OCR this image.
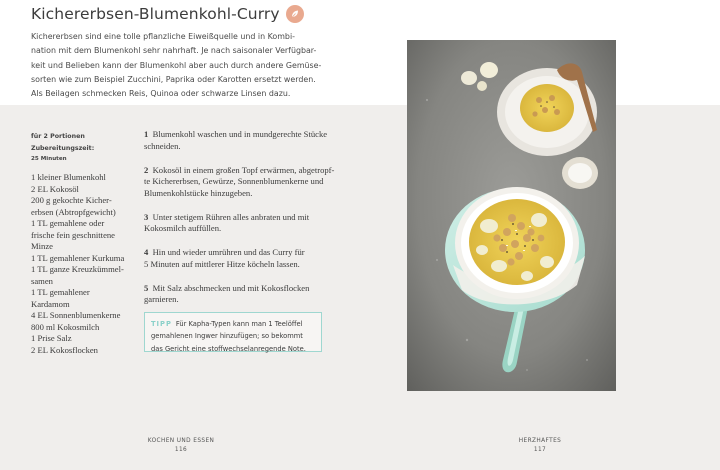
Kichererbsen-Blumenkohl-Curry
Kichererbsen sind eine tolle pflanzliche Eiweißquelle und in Kombi-
nation mit dem Blumenkohl sehr nahrhaft. Je nach saisonaler Verfügbar-
keit und Belieben kann der Blumenkohl aber auch durch andere Gemüse-
sorten wie zum Beispiel Zucchini, Paprika oder Karotten ersetzt werden.
Als Beilagen schmecken Reis, Quinoa oder schwarze Linsen dazu.
für 2 Portionen
Zubereitungszeit:
25 Minuten
1 kleiner Blumenkohl
2 EL Kokosöl
200 g gekochte Kicher-
erbsen (Abtropfgewicht)
1 TL gemahlene oder
frische fein geschnittene
Minze
1 TL gemahlener Kurkuma
1 TL ganze Kreuzkümmel-
samen
1 TL gemahlener
Kardamom
4 EL Sonnenblumenkerne
800 ml Kokosmilch
1 Prise Salz
2 EL Kokosflocken
1 Blumenkohl waschen und in mundgerechte Stücke
schneiden.
2 Kokosöl in einem großen Topf erwärmen, abgetropf-
te Kichererbsen, Gewürze, Sonnenblumenkerne und
Blumenkohlstücke hinzugeben.
3 Unter stetigem Rühren alles anbraten und mit
Kokosmilch auffüllen.
4 Hin und wieder umrühren und das Curry für
5 Minuten auf mittlerer Hitze köcheln lassen.
5 Mit Salz abschmecken und mit Kokosflocken
garnieren.
TIPP Für Kapha-Typen kann man 1 Teelöffel
gemahlenen Ingwer hinzufügen; so bekommt
das Gericht eine stoffwechselanregende Note.
KOCHEN UND ESSEN
116
HERZHAFTES
117
